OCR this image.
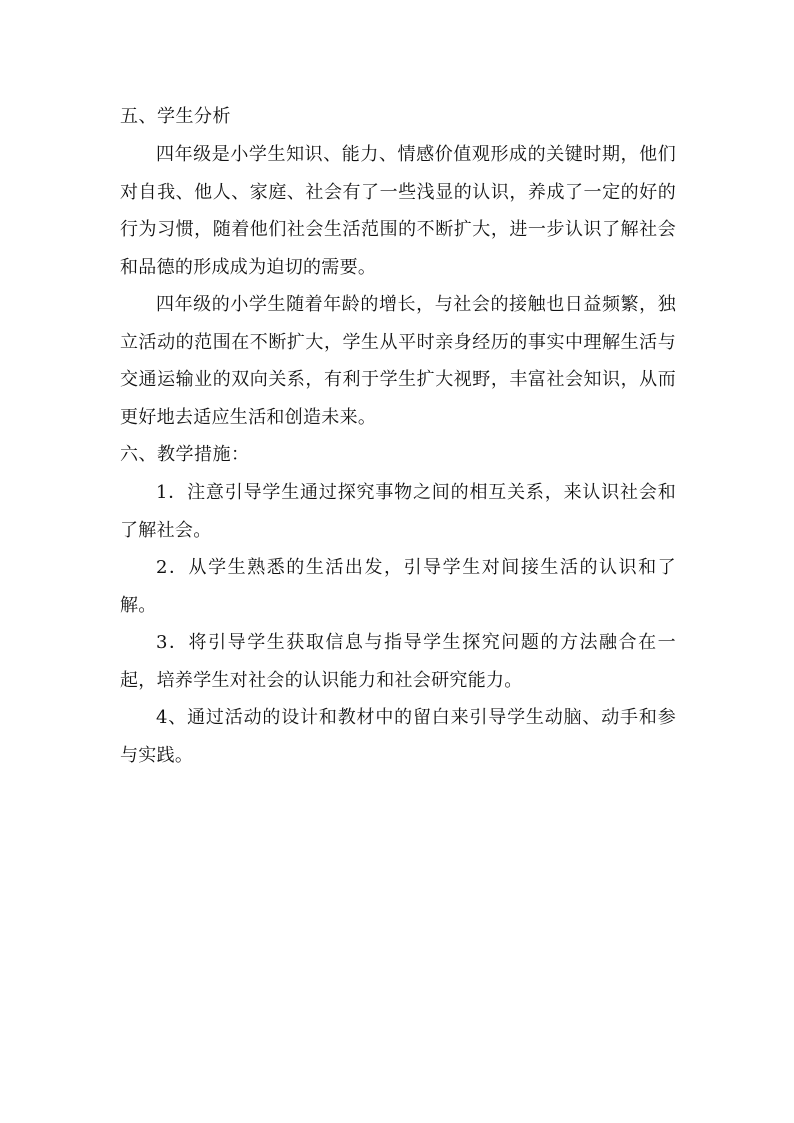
五、学生分析

四年级是小学生知识、能力、情感价值观形成的关键时期，他们对自我、他人、家庭、社会有了一些浅显的认识，养成了一定的好的行为习惯，随着他们社会生活范围的不断扩大，进一步认识了解社会和品德的形成成为迫切的需要。

四年级的小学生随着年龄的增长，与社会的接触也日益频繁，独立活动的范围在不断扩大，学生从平时亲身经历的事实中理解生活与交通运输业的双向关系，有利于学生扩大视野，丰富社会知识，从而更好地去适应生活和创造未来。

六、教学措施：

1．注意引导学生通过探究事物之间的相互关系，来认识社会和了解社会。

2．从学生熟悉的生活出发，引导学生对间接生活的认识和了解。

3．将引导学生获取信息与指导学生探究问题的方法融合在一起，培养学生对社会的认识能力和社会研究能力。

4、通过活动的设计和教材中的留白来引导学生动脑、动手和参与实践。
